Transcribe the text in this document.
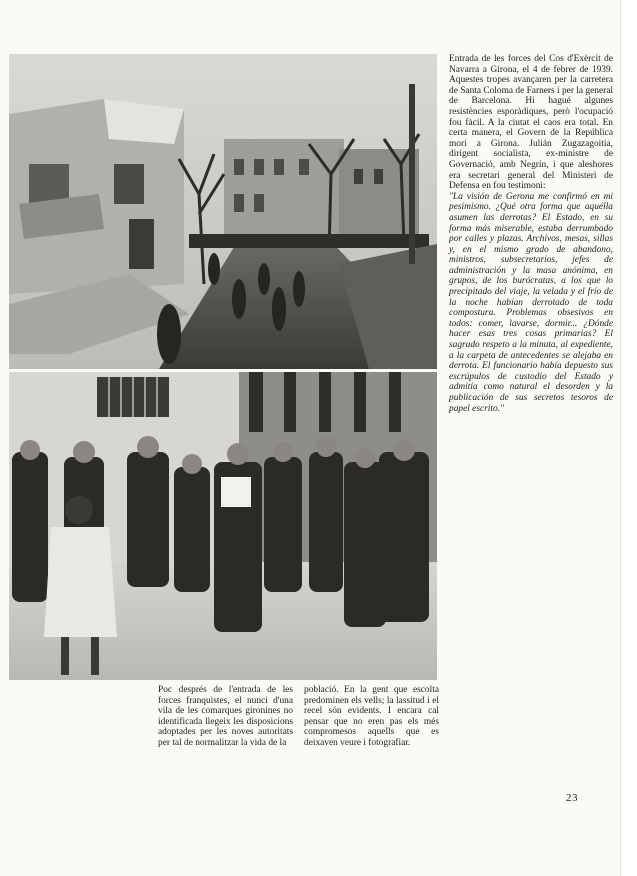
Entrada de les forces del Cos d'Exèrcit de Navarra a Girona, el 4 de febrer de 1939. Aquestes tropes avançaren per la carretera de Santa Coloma de Farners i per la general de Barcelona. Hi hagué algunes resistències esporàdiques, però l'ocupació fou fàcil. A la ciutat el caos era total. En certa manera, el Govern de la República morí a Girona. Julián Zugazagoitia, dirigent socialista, ex-ministre de Governació, amb Negrín, i que aleshores era secretari general del Ministeri de Defensa en fou testimoni:
"La visión de Gerona me confirmó en mi pesimismo. ¿Qué otra forma que aquélla asumen las derrotas? El Estado, en su forma más miserable, estaba derrumbado por calles y plazas. Archivos, mesas, sillas y, en el mismo grado de abandono, ministros, subsecretarios, jefes de administración y la masa anónima, en grupos, de los burócratas, a los que lo precipitado del viaje, la velada y el frío de la noche habían derrotado de toda compostura. Problemas obsesivos en todos: comer, lavarse, dormir... ¿Dónde hacer esas tres cosas primarias? El sagrado respeto a la minuta, al expediente, a la carpeta de antecedentes se alejaba en derrota. El funcionario había depuesto sus escrúpulos de custodio del Estado y admitía como natural el desorden y la publicación de sus secretos tesoros de papel escrito."
Poc després de l'entrada de les forces franquistes, el nunci d'una vila de les comarques gironines no identificada llegeix les disposicions adoptades per les noves autoritats per tal de normalitzar la vida de la
població. En la gent que escolta predominen els vells; la lassitud i el recel són evidents. I encara cal pensar que no eren pas els més compromesos aquells que es deixaven veure i fotografiar.
23
